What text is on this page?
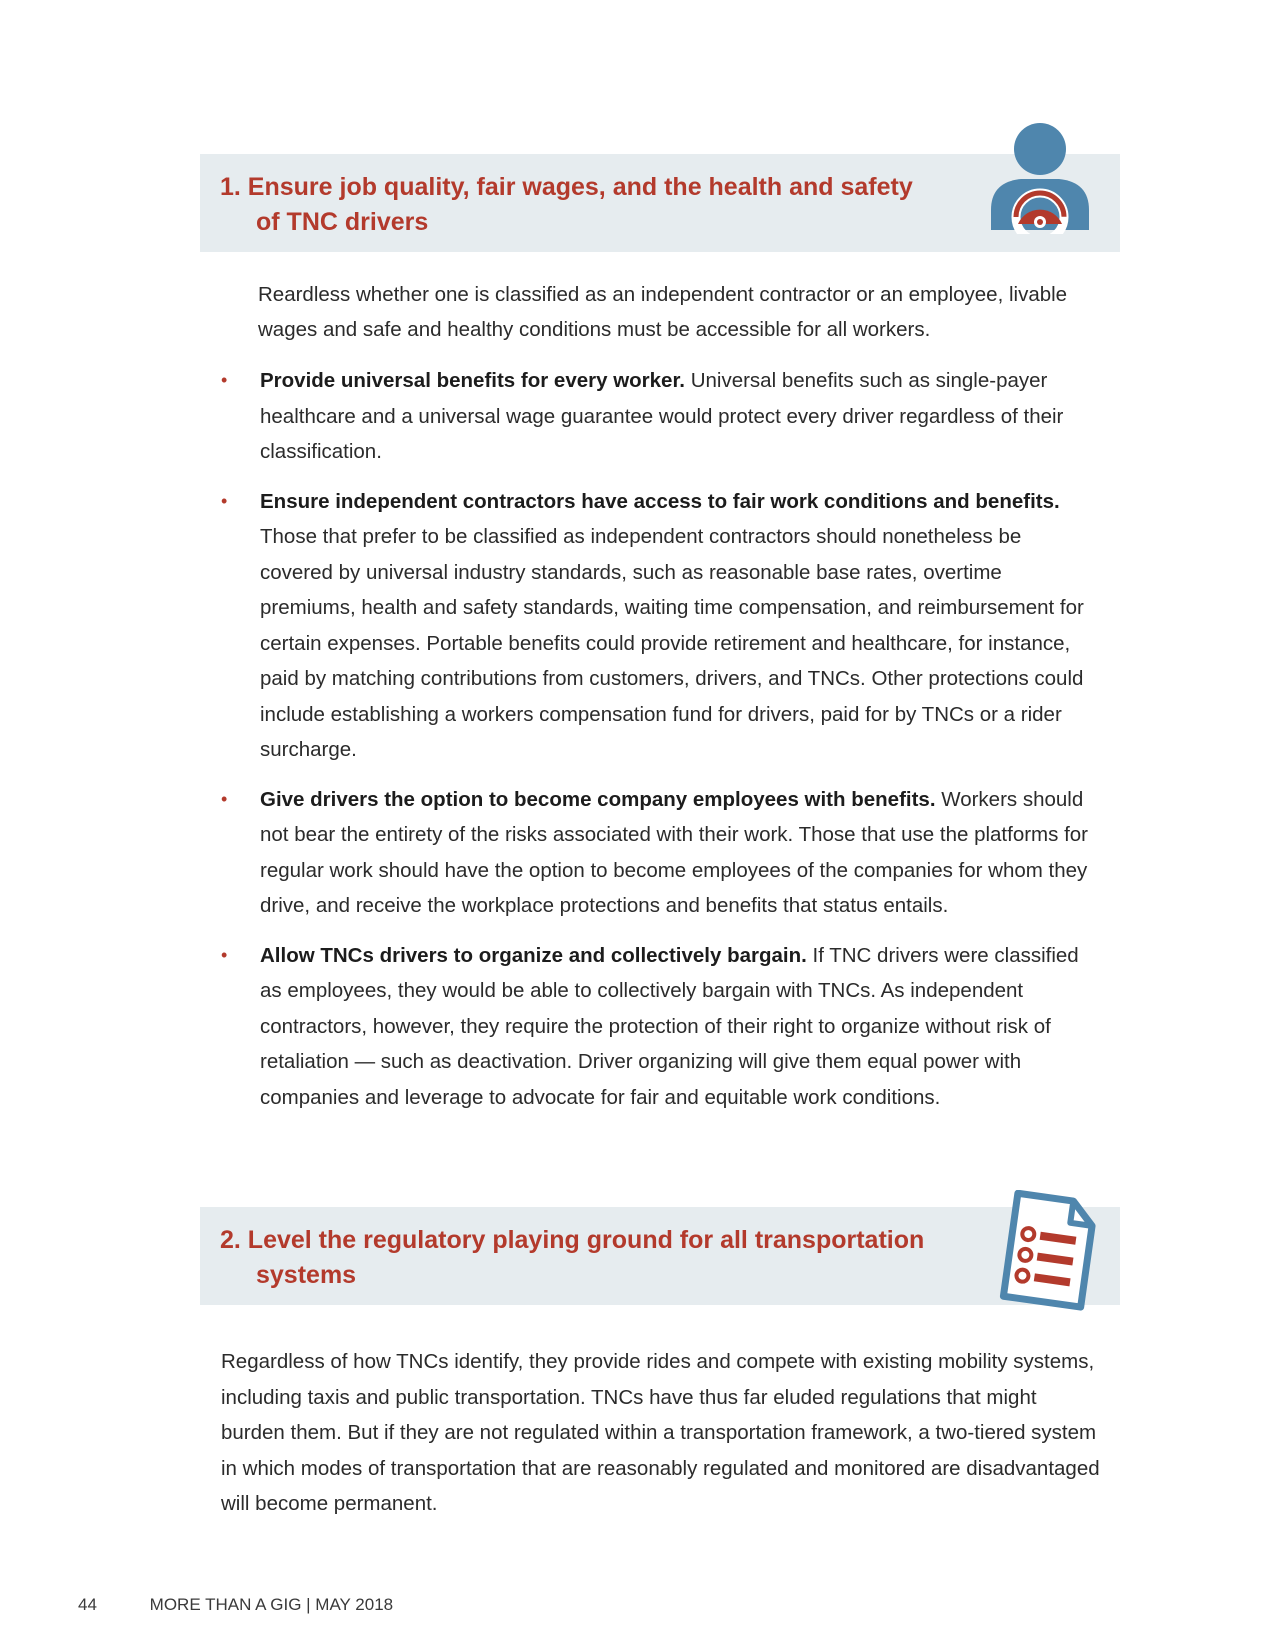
1. Ensure job quality, fair wages, and the health and safety
of TNC drivers

Reardless whether one is classified as an independent contractor or an employee, livable wages and safe and healthy conditions must be accessible for all workers.

• Provide universal benefits for every worker. Universal benefits such as single-payer healthcare and a universal wage guarantee would protect every driver regardless of their classification.
• Ensure independent contractors have access to fair work conditions and benefits. Those that prefer to be classified as independent contractors should nonetheless be covered by universal industry standards, such as reasonable base rates, overtime premiums, health and safety standards, waiting time compensation, and reimbursement for certain expenses. Portable benefits could provide retirement and healthcare, for instance, paid by matching contributions from customers, drivers, and TNCs. Other protections could include establishing a workers compensation fund for drivers, paid for by TNCs or a rider surcharge.
• Give drivers the option to become company employees with benefits. Workers should not bear the entirety of the risks associated with their work. Those that use the platforms for regular work should have the option to become employees of the companies for whom they drive, and receive the workplace protections and benefits that status entails.
• Allow TNCs drivers to organize and collectively bargain. If TNC drivers were classified as employees, they would be able to collectively bargain with TNCs. As independent contractors, however, they require the protection of their right to organize without risk of retaliation — such as deactivation. Driver organizing will give them equal power with companies and leverage to advocate for fair and equitable work conditions.
2. Level the regulatory playing ground for all transportation
systems

Regardless of how TNCs identify, they provide rides and compete with existing mobility systems, including taxis and public transportation. TNCs have thus far eluded regulations that might burden them. But if they are not regulated within a transportation framework, a two-tiered system in which modes of transportation that are reasonably regulated and monitored are disadvantaged will become permanent.

44	MORE THAN A GIG | MAY 2018
